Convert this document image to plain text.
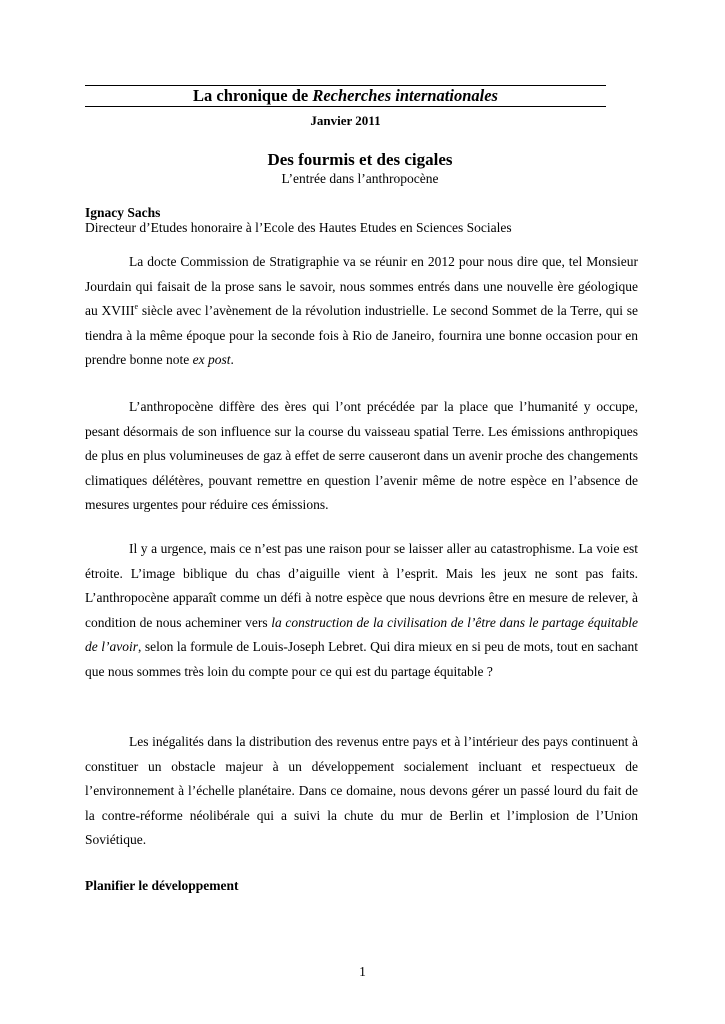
La chronique de Recherches internationales
Janvier 2011
Des fourmis et des cigales
L’entrée dans l’anthropocène
Ignacy Sachs
Directeur d’Etudes honoraire à l’Ecole des Hautes Etudes en Sciences Sociales

La docte Commission de Stratigraphie va se réunir en 2012 pour nous dire que, tel Monsieur Jourdain qui faisait de la prose sans le savoir, nous sommes entrés dans une nouvelle ère géologique au XVIIIe siècle avec l’avènement de la révolution industrielle. Le second Sommet de la Terre, qui se tiendra à la même époque pour la seconde fois à Rio de Janeiro, fournira une bonne occasion pour en prendre bonne note ex post.

L’anthropocène diffère des ères qui l’ont précédée par la place que l’humanité y occupe, pesant désormais de son influence sur la course du vaisseau spatial Terre. Les émissions anthropiques de plus en plus volumineuses de gaz à effet de serre causeront dans un avenir proche des changements climatiques délétères, pouvant remettre en question l’avenir même de notre espèce en l’absence de mesures urgentes pour réduire ces émissions.

Il y a urgence, mais ce n’est pas une raison pour se laisser aller au catastrophisme. La voie est étroite. L’image biblique du chas d’aiguille vient à l’esprit. Mais les jeux ne sont pas faits. L’anthropocène apparaît comme un défi à notre espèce que nous devrions être en mesure de relever, à condition de nous acheminer vers la construction de la civilisation de l’être dans le partage équitable de l’avoir, selon la formule de Louis-Joseph Lebret. Qui dira mieux en si peu de mots, tout en sachant que nous sommes très loin du compte pour ce qui est du partage équitable ?

Les inégalités dans la distribution des revenus entre pays et à l’intérieur des pays continuent à constituer un obstacle majeur à un développement socialement incluant et respectueux de l’environnement à l’échelle planétaire. Dans ce domaine, nous devons gérer un passé lourd du fait de la contre-réforme néolibérale qui a suivi la chute du mur de Berlin et l’implosion de l’Union Soviétique.

Planifier le développement
1
